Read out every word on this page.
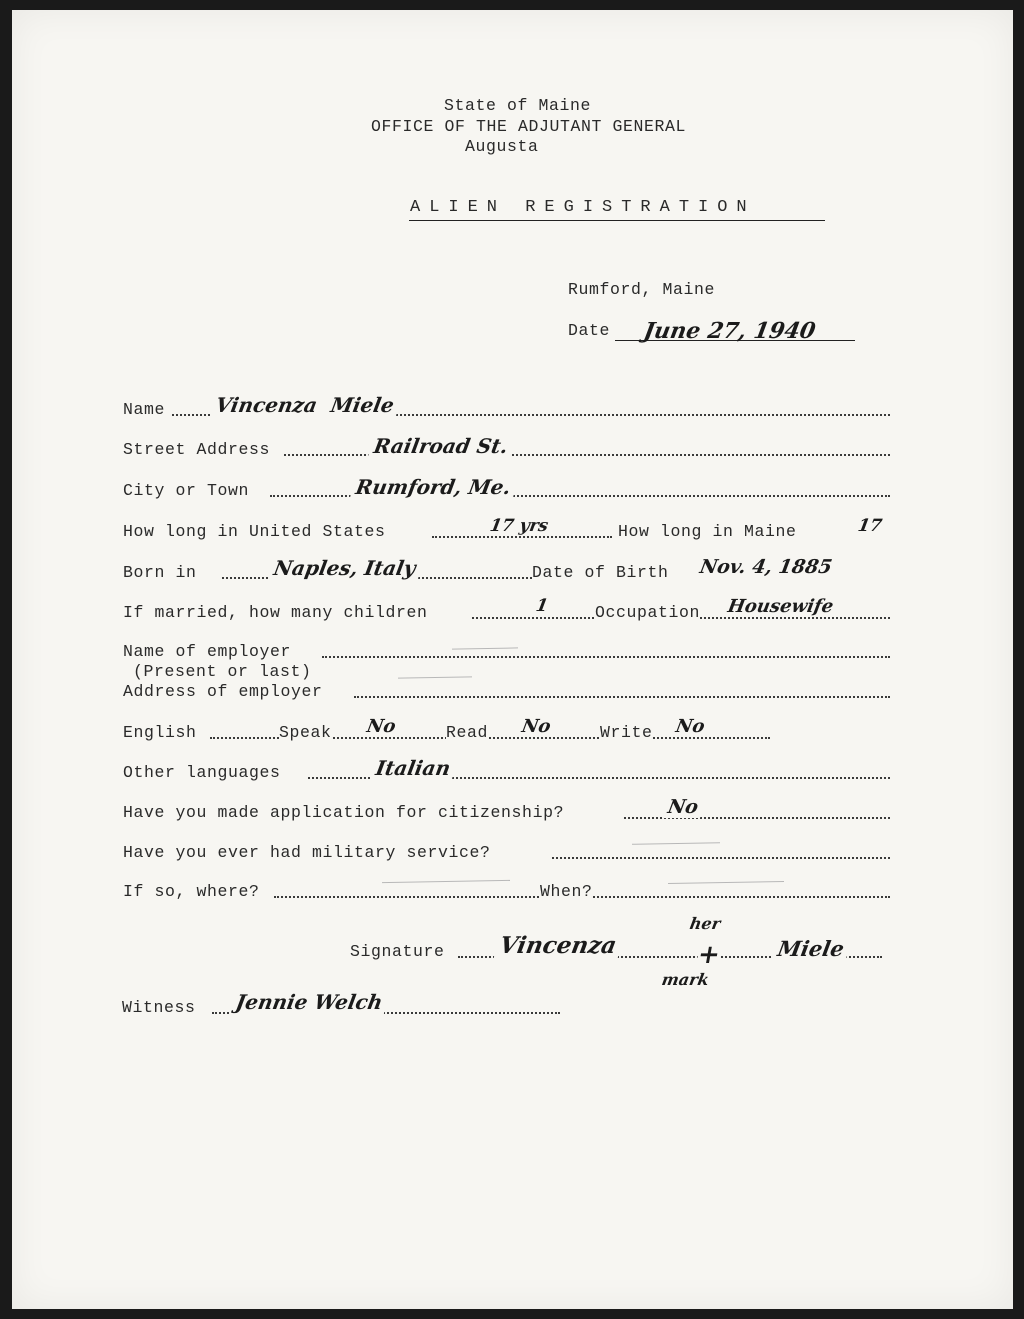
State of Maine
OFFICE OF THE ADJUTANT GENERAL
Augusta
ALIEN REGISTRATION
Rumford, Maine
Date June 27, 1940
Name Vincenza  Miele
Street Address	Railroad St.
City or Town	Rumford, Me.
How long in United States	17 yrs	How long in Maine	17
Born in	Naples, Italy	Date of Birth Nov. 4, 1885
If married, how many children	1	Occupation Housewife
Name of employer
(Present or last)
Address of employer
English	Speak No	Read No	Write No
Other languages	Italian
Have you made application for citizenship?	No
Have you ever had military service?
If so, where?	When?
Signature Vincenza
her
+	Miele
mark
Witness Jennie Welch
